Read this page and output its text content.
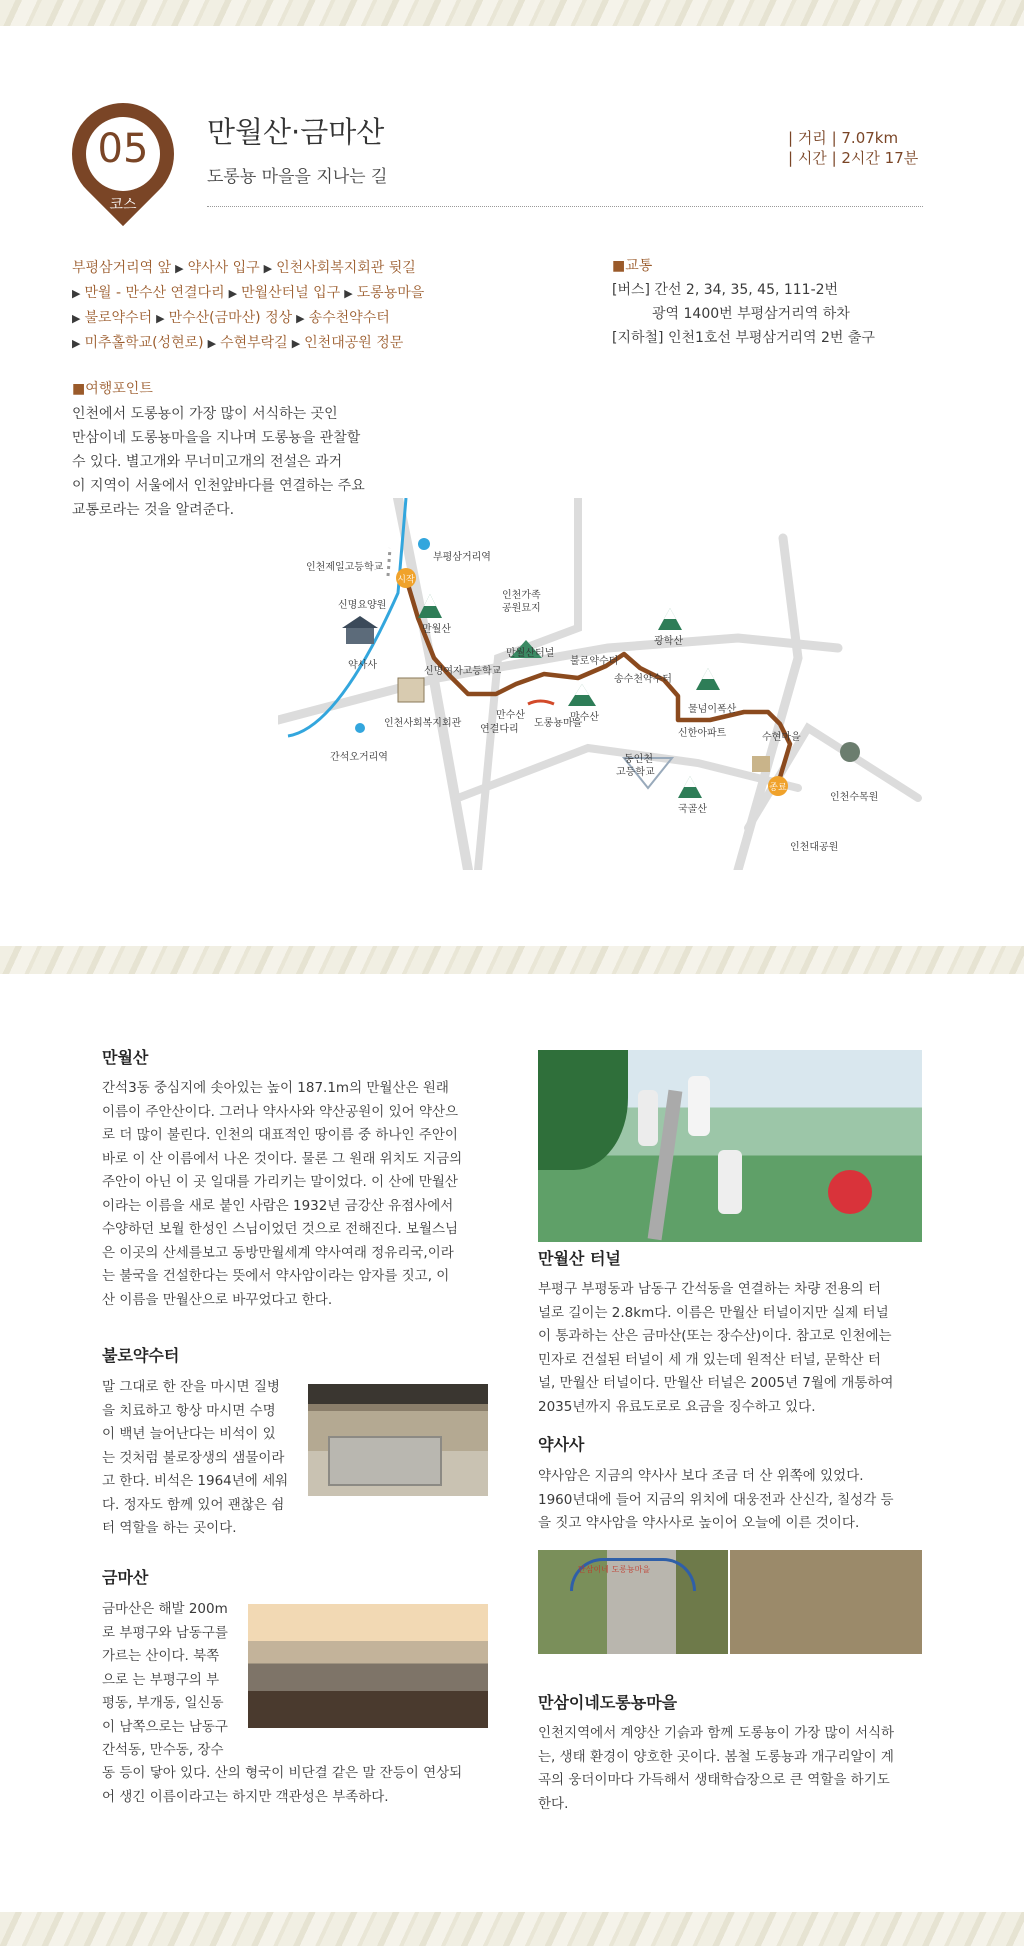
05
코스
만월산·금마산
도롱뇽 마을을 지나는 길
| 거리 | 7.07km
| 시간 | 2시간 17분
부평삼거리역 앞 ▶ 약사사 입구 ▶ 인천사회복지회관 뒷길
▶ 만월 - 만수산 연결다리 ▶ 만월산터널 입구 ▶ 도롱뇽마을
▶ 불로약수터 ▶ 만수산(금마산) 정상 ▶ 송수천약수터
▶ 미추홀학교(성현로) ▶ 수현부락길 ▶ 인천대공원 정문
■교통
[버스] 간선 2, 34, 35, 45, 111-2번
광역 1400번 부평삼거리역 하차
[지하철] 인천1호선 부평삼거리역 2번 출구
■여행포인트
인천에서 도롱뇽이 가장 많이 서식하는 곳인
만삼이네 도롱뇽마을을 지나며 도롱뇽을 관찰할
수 있다. 별고개와 무너미고개의 전설은 과거
이 지역이 서울에서 인천앞바다를 연결하는 주요
교통로라는 것을 알려준다.
시작
종료
부평삼거리역
인천제일고등학교
신명요양원
만월산
약사사
인천가족
공원묘지
광학산
만월산터널
신명여자고등학교
불로약수터
송수천약수터
물넘이폭산
인천사회복지회관
만수산
연결다리
도롱뇽마을
만수산
신한아파트	수현마을
인천1호선
간석오거리역	동인천
고등학교
인천수목원
국골산
인천대공원
만월산
간석3동 중심지에 솟아있는 높이 187.1m의 만월산은 원래
이름이 주안산이다. 그러나 약사사와 약산공원이 있어 약산으
로 더 많이 불린다. 인천의 대표적인 땅이름 중 하나인 주안이
바로 이 산 이름에서 나온 것이다. 물론 그 원래 위치도 지금의
주안이 아닌 이 곳 일대를 가리키는 말이었다. 이 산에 만월산
이라는 이름을 새로 붙인 사람은 1932년 금강산 유점사에서
수양하던 보월 한성인 스님이었던 것으로 전해진다. 보월스님
은 이곳의 산세를보고 동방만월세계 약사여래 정유리국,이라
는 불국을 건설한다는 뜻에서 약사암이라는 암자를 짓고, 이
산 이름을 만월산으로 바꾸었다고 한다.
불로약수터
말 그대로 한 잔을 마시면 질병
을 치료하고 항상 마시면 수명
이 백년 늘어난다는 비석이 있
는 것처럼 불로장생의 샘물이라
고 한다. 비석은 1964년에 세워
다. 정자도 함께 있어 괜찮은 쉼
터 역할을 하는 곳이다.
금마산
금마산은 해발 200m
로 부평구와 남동구를
가르는 산이다. 북쪽
으로 는 부평구의 부
평동, 부개동, 일신동
이 남쪽으로는 남동구
간석동, 만수동, 장수
동 등이 닿아 있다. 산의 형국이 비단결 같은 말 잔등이 연상되
어 생긴 이름이라고는 하지만 객관성은 부족하다.
만월산 터널
부평구 부평동과 남동구 간석동을 연결하는 차량 전용의 터
널로 길이는 2.8km다. 이름은 만월산 터널이지만 실제 터널
이 통과하는 산은 금마산(또는 장수산)이다. 참고로 인천에는
민자로 건설된 터널이 세 개 있는데 원적산 터널, 문학산 터
널, 만월산 터널이다. 만월산 터널은 2005년 7월에 개통하여
2035년까지 유료도로로 요금을 징수하고 있다.
약사사
약사암은 지금의 약사사 보다 조금 더 산 위쪽에 있었다.
1960년대에 들어 지금의 위치에 대웅전과 산신각, 칠성각 등
을 짓고 약사암을 약사사로 높이어 오늘에 이른 것이다.
만삼이네 도롱뇽마을
만삼이네도롱뇽마을
인천지역에서 계양산 기슭과 함께 도롱뇽이 가장 많이 서식하
는, 생태 환경이 양호한 곳이다. 봄철 도롱뇽과 개구리알이 계
곡의 웅더이마다 가득해서 생태학습장으로 큰 역할을 하기도
한다.
